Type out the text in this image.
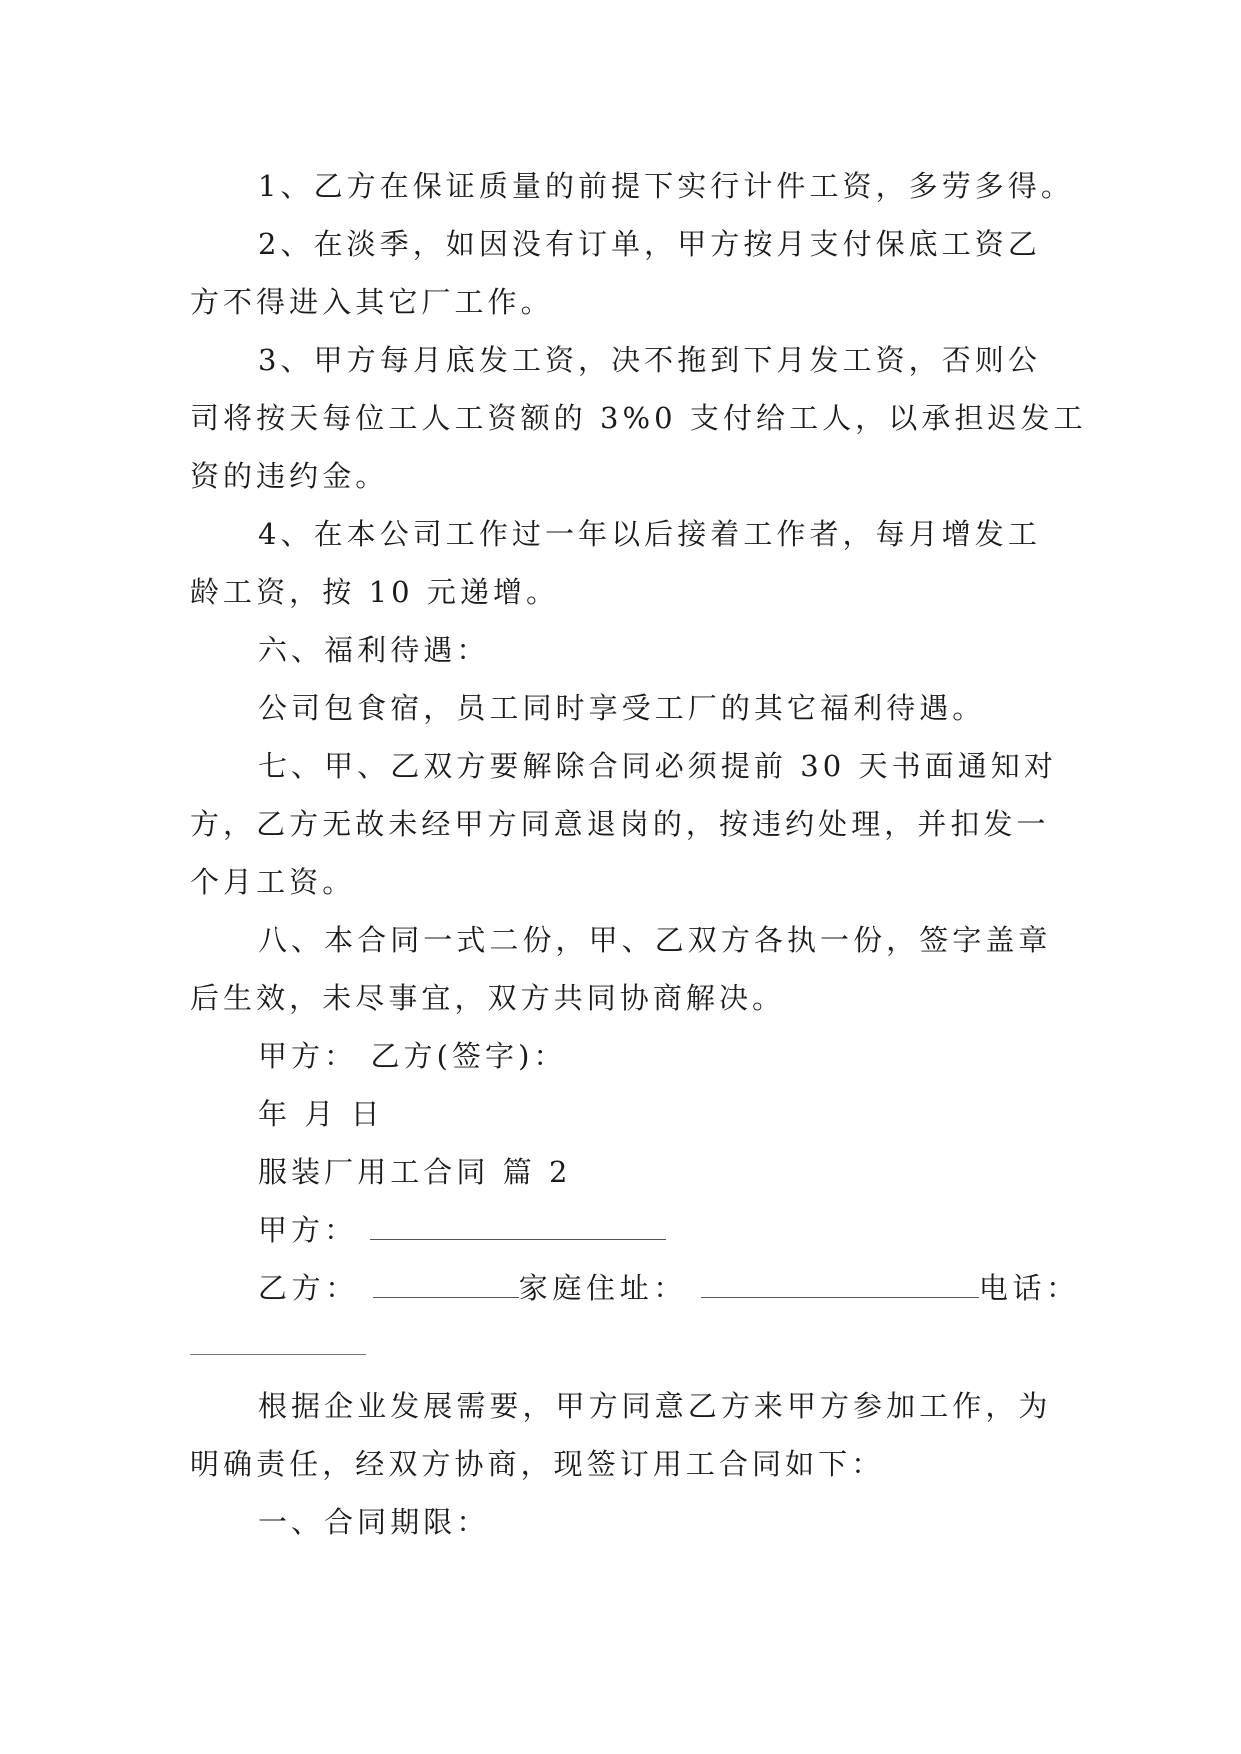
1、乙方在保证质量的前提下实行计件工资，多劳多得。

2、在淡季，如因没有订单，甲方按月支付保底工资乙

方不得进入其它厂工作。

3、甲方每月底发工资，决不拖到下月发工资，否则公

司将按天每位工人工资额的 3%0 支付给工人，以承担迟发工

资的违约金。

4、在本公司工作过一年以后接着工作者，每月增发工

龄工资，按 10 元递增。

六、福利待遇：

公司包食宿，员工同时享受工厂的其它福利待遇。

七、甲、乙双方要解除合同必须提前 30 天书面通知对

方，乙方无故未经甲方同意退岗的，按违约处理，并扣发一

个月工资。

八、本合同一式二份，甲、乙双方各执一份，签字盖章

后生效，未尽事宜，双方共同协商解决。

甲方： 乙方(签字)：

年 月 日

服装厂用工合同 篇 2

甲方：

乙方：	家庭住址：	电话：

根据企业发展需要，甲方同意乙方来甲方参加工作，为

明确责任，经双方协商，现签订用工合同如下：

一、合同期限：
